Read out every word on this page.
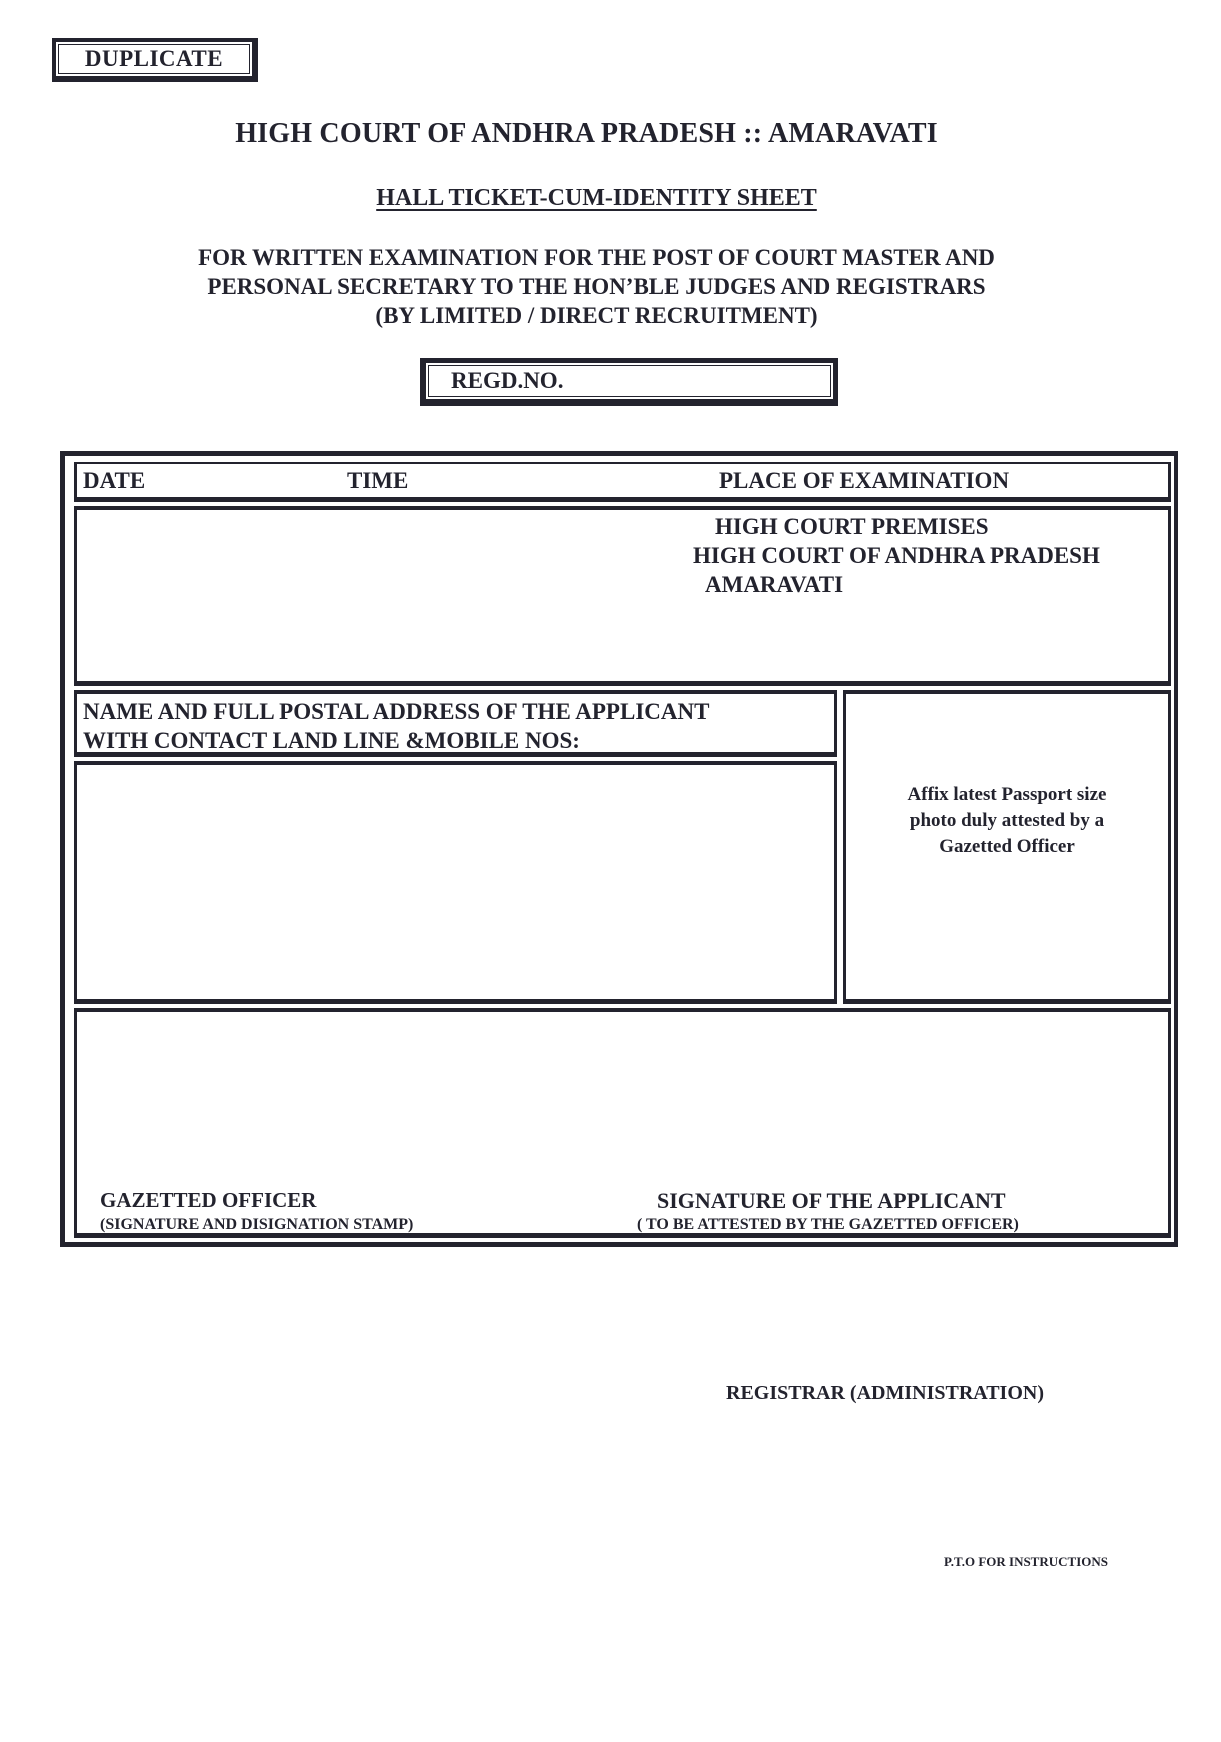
DUPLICATE
HIGH COURT OF ANDHRA PRADESH :: AMARAVATI
HALL TICKET-CUM-IDENTITY SHEET
FOR WRITTEN EXAMINATION FOR THE POST OF COURT MASTER AND
PERSONAL SECRETARY TO THE HON’BLE JUDGES AND REGISTRARS
(BY LIMITED / DIRECT RECRUITMENT)
REGD.NO.
DATE	TIME	PLACE OF EXAMINATION
HIGH COURT PREMISES
HIGH COURT OF ANDHRA PRADESH
AMARAVATI
NAME AND FULL POSTAL ADDRESS OF THE APPLICANT
WITH CONTACT LAND LINE &MOBILE NOS:
Affix latest Passport size
photo duly attested by a
Gazetted Officer
GAZETTED OFFICER
(SIGNATURE AND DISIGNATION STAMP)
SIGNATURE OF THE APPLICANT
( TO BE ATTESTED BY THE GAZETTED OFFICER)
REGISTRAR (ADMINISTRATION)
P.T.O FOR INSTRUCTIONS
